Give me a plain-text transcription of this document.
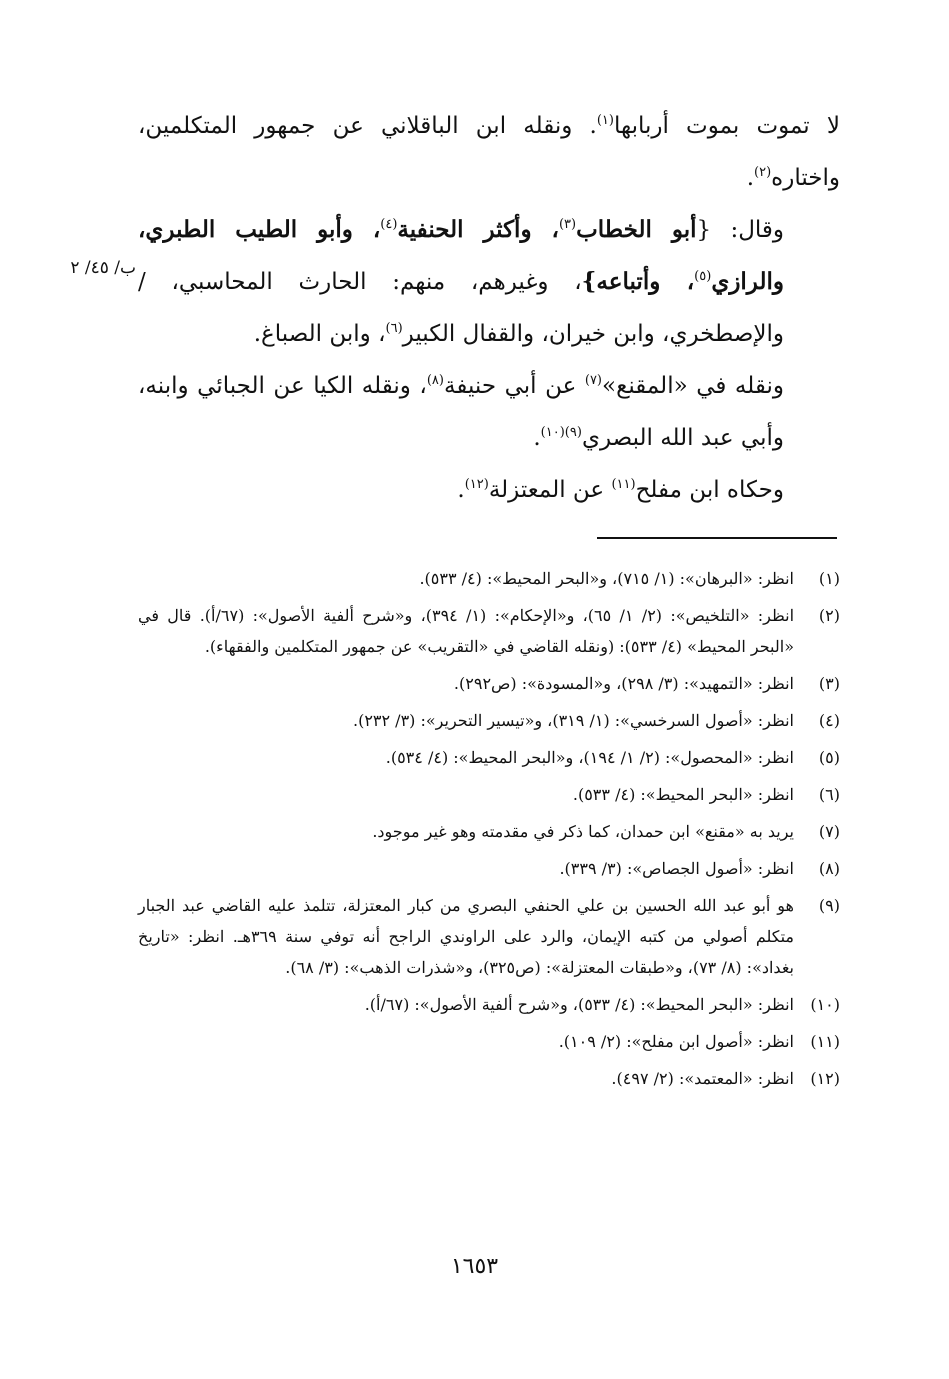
لا تموت بموت أربابها$^{(١)}$. ونقله ابن الباقلاني عن جمهور المتكلمين، واختاره$^{(٢)}$.

وقال: {أبو الخطاب$^{(٣)}$، وأكثر الحنفية$^{(٤)}$، وأبو الطيب الطبري، والرازي$^{(٥)}$، وأتباعه}، وغيرهم، منهم: الحارث المحاسبي، / والإصطخري، وابن خيران، والقفال الكبير$^{(٦)}$، وابن الصباغ.

ونقله في «المقنع»$^{(٧)}$ عن أبي حنيفة$^{(٨)}$، ونقله الكيا عن الجبائي وابنه، وأبي عبد الله البصري$^{(٩)(١٠)}$.

وحكاه ابن مفلح$^{(١١)}$ عن المعتزلة$^{(١٢)}$.

ب/ ٤٥/ ٢
(١)
انظر: «البرهان»: (١/ ٧١٥)، و«البحر المحيط»: (٤/ ٥٣٣).
(٢)
انظر: «التلخيص»: (٢/ ١/ ٦٥)، و«الإحكام»: (١/ ٣٩٤)، و«شرح ألفية الأصول»: (٦٧/أ). قال في «البحر المحيط» (٤/ ٥٣٣): (ونقله القاضي في «التقريب» عن جمهور المتكلمين والفقهاء).
(٣)
انظر: «التمهيد»: (٣/ ٢٩٨)، و«المسودة»: (ص٢٩٢).
(٤)
انظر: «أصول السرخسي»: (١/ ٣١٩)، و«تيسير التحرير»: (٣/ ٢٣٢).
(٥)
انظر: «المحصول»: (٢/ ١/ ١٩٤)، و«البحر المحيط»: (٤/ ٥٣٤).
(٦)
انظر: «البحر المحيط»: (٤/ ٥٣٣).
(٧)
يريد به «مقنع» ابن حمدان، كما ذكر في مقدمته وهو غير موجود.
(٨)
انظر: «أصول الجصاص»: (٣/ ٣٣٩).
(٩)
هو أبو عبد الله الحسين بن علي الحنفي البصري من كبار المعتزلة، تتلمذ عليه القاضي عبد الجبار متكلم أصولي من كتبه الإيمان، والرد على الراوندي الراجح أنه توفي سنة ٣٦٩هـ. انظر: «تاريخ بغداد»: (٨/ ٧٣)، و«طبقات المعتزلة»: (ص٣٢٥)، و«شذرات الذهب»: (٣/ ٦٨).
(١٠)
انظر: «البحر المحيط»: (٤/ ٥٣٣)، و«شرح ألفية الأصول»: (٦٧/أ).
(١١)
انظر: «أصول ابن مفلح»: (٢/ ١٠٩).
(١٢)
انظر: «المعتمد»: (٢/ ٤٩٧).
١٦٥٣
